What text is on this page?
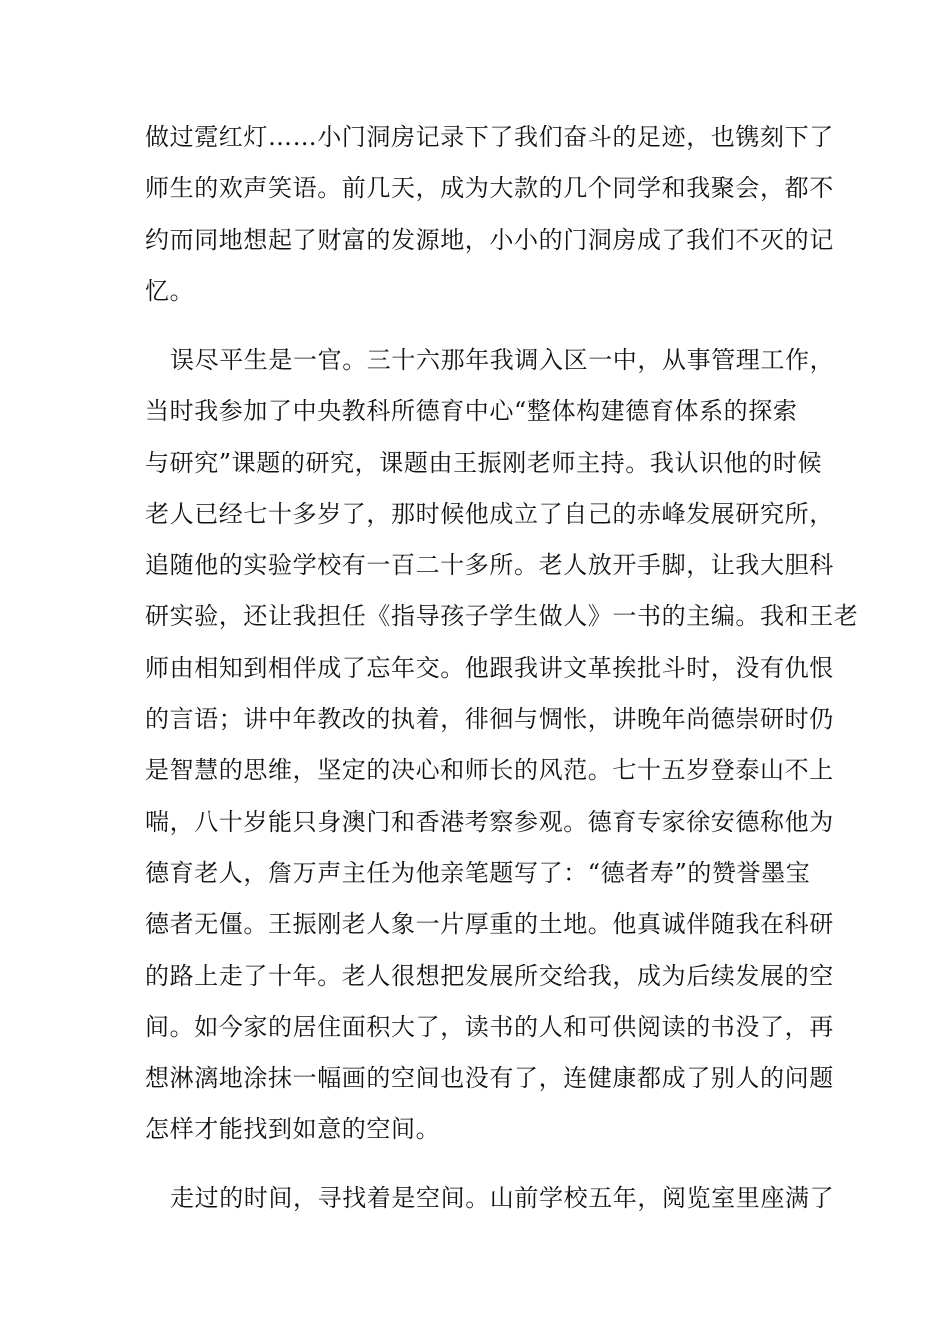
做过霓红灯……小门洞房记录下了我们奋斗的足迹，也镌刻下了
师生的欢声笑语。前几天，成为大款的几个同学和我聚会，都不
约而同地想起了财富的发源地，小小的门洞房成了我们不灭的记
忆。
误尽平生是一官。三十六那年我调入区一中，从事管理工作，
当时我参加了中央教科所德育中心“整体构建德育体系的探索
与研究”课题的研究，课题由王振刚老师主持。我认识他的时候
老人已经七十多岁了，那时候他成立了自己的赤峰发展研究所，
追随他的实验学校有一百二十多所。老人放开手脚，让我大胆科
研实验，还让我担任《指导孩子学生做人》一书的主编。我和王老
师由相知到相伴成了忘年交。他跟我讲文革挨批斗时，没有仇恨
的言语；讲中年教改的执着，徘徊与惆怅，讲晚年尚德崇研时仍
是智慧的思维，坚定的决心和师长的风范。七十五岁登泰山不上
喘，八十岁能只身澳门和香港考察参观。德育专家徐安德称他为
德育老人，詹万声主任为他亲笔题写了：“德者寿”的赞誉墨宝
德者无僵。王振刚老人象一片厚重的土地。他真诚伴随我在科研
的路上走了十年。老人很想把发展所交给我，成为后续发展的空
间。如今家的居住面积大了，读书的人和可供阅读的书没了，再
想淋漓地涂抹一幅画的空间也没有了，连健康都成了别人的问题
怎样才能找到如意的空间。
走过的时间，寻找着是空间。山前学校五年，阅览室里座满了
